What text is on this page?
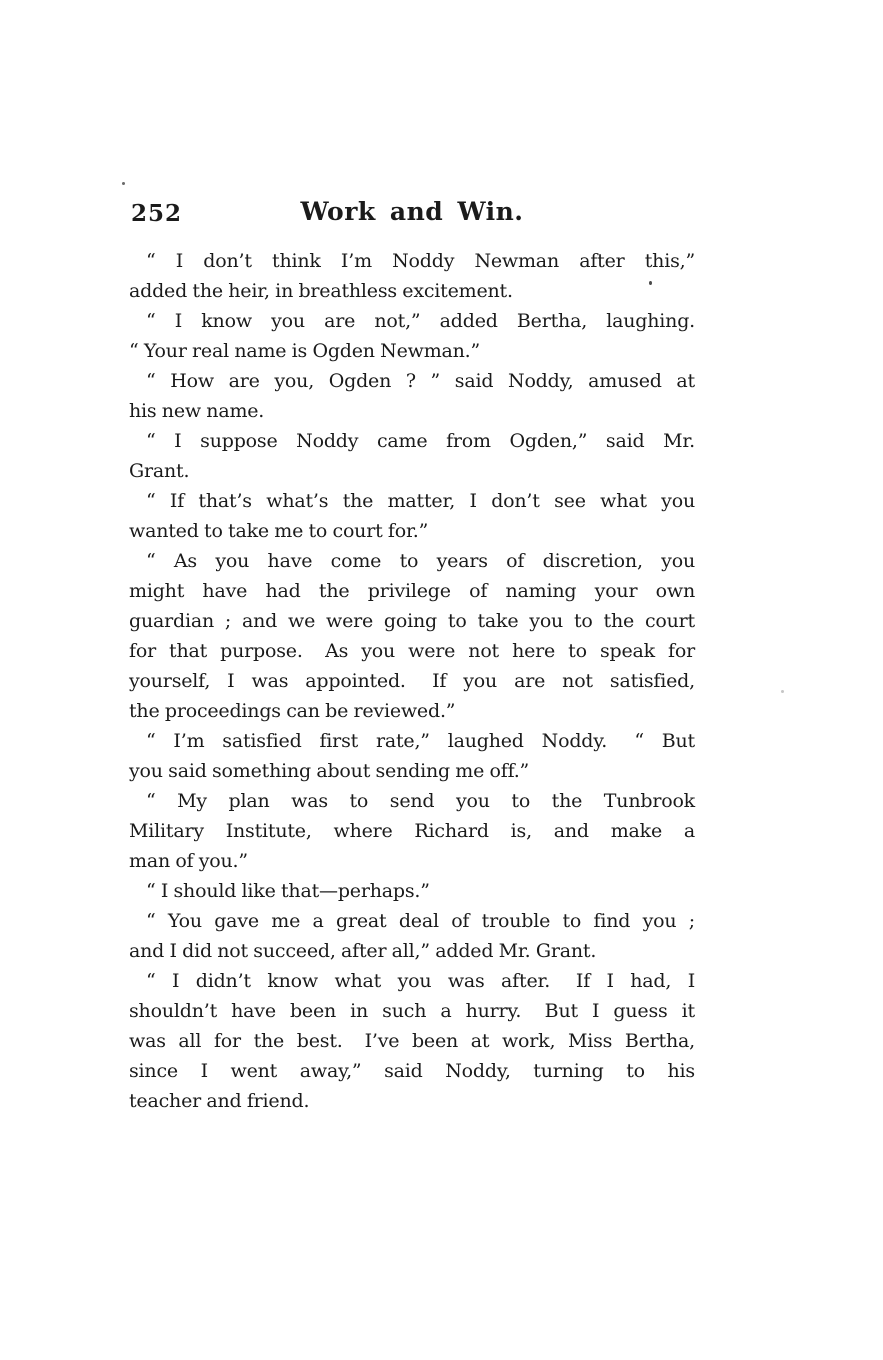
252	Work and Win.
“ I don’t think I’m Noddy Newman after this,”
added the heir, in breathless excitement.
“ I know you are not,” added Bertha, laughing.
“ Your real name is Ogden Newman.”
“ How are you, Ogden ? ” said Noddy, amused at
his new name.
“ I suppose Noddy came from Ogden,” said Mr.
Grant.
“ If that’s what’s the matter, I don’t see what you
wanted to take me to court for.”
“ As you have come to years of discretion, you
might have had the privilege of naming your own
guardian ; and we were going to take you to the court
for that purpose.  As you were not here to speak for
yourself, I was appointed.  If you are not satisfied,
the proceedings can be reviewed.”
“ I’m satisfied first rate,” laughed Noddy.  “ But
you said something about sending me off.”
“ My plan was to send you to the Tunbrook
Military Institute, where Richard is, and make a
man of you.”
“ I should like that—perhaps.”
“ You gave me a great deal of trouble to find you ;
and I did not succeed, after all,” added Mr. Grant.
“ I didn’t know what you was after.  If I had, I
shouldn’t have been in such a hurry.  But I guess it
was all for the best.  I’ve been at work, Miss Bertha,
since I went away,” said Noddy, turning to his
teacher and friend.
